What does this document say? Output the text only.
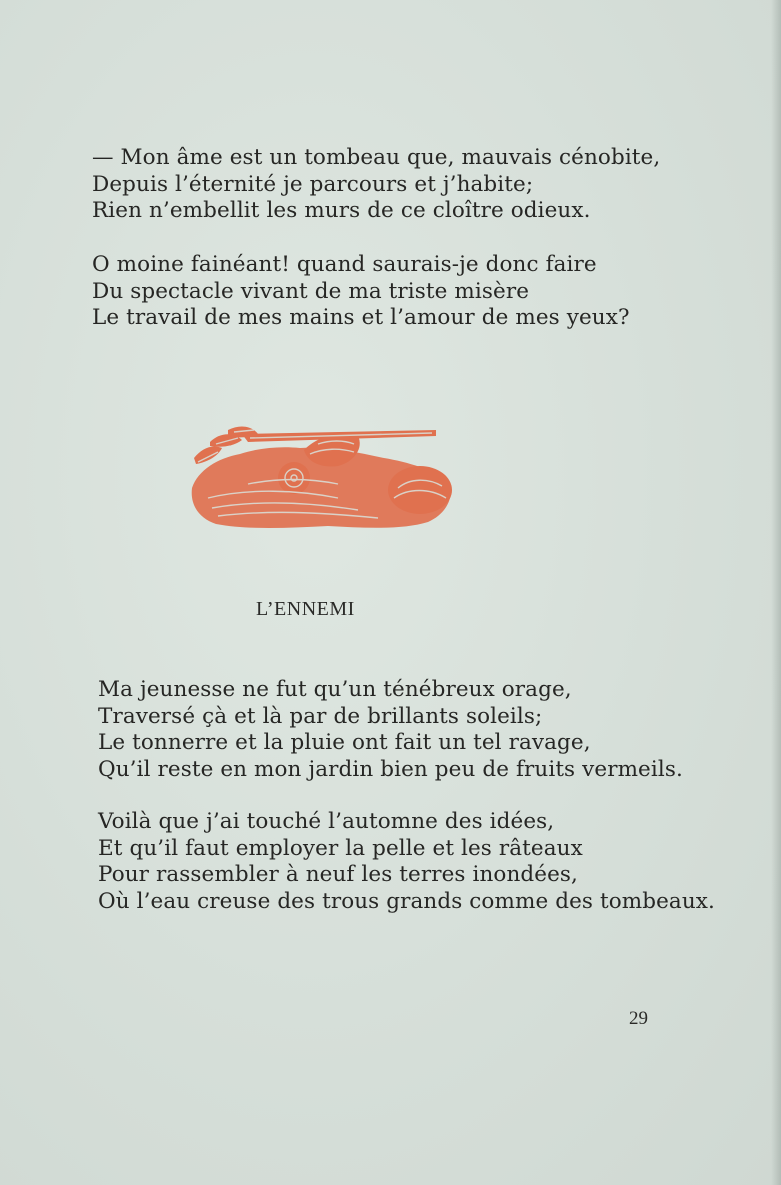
— Mon âme est un tombeau que, mauvais cénobite,
Depuis l’éternité je parcours et j’habite;
Rien n’embellit les murs de ce cloître odieux.
O moine fainéant! quand saurais-je donc faire
Du spectacle vivant de ma triste misère
Le travail de mes mains et l’amour de mes yeux?
L’ENNEMI
Ma jeunesse ne fut qu’un ténébreux orage,
Traversé çà et là par de brillants soleils;
Le tonnerre et la pluie ont fait un tel ravage,
Qu’il reste en mon jardin bien peu de fruits vermeils.
Voilà que j’ai touché l’automne des idées,
Et qu’il faut employer la pelle et les râteaux
Pour rassembler à neuf les terres inondées,
Où l’eau creuse des trous grands comme des tombeaux.
29
